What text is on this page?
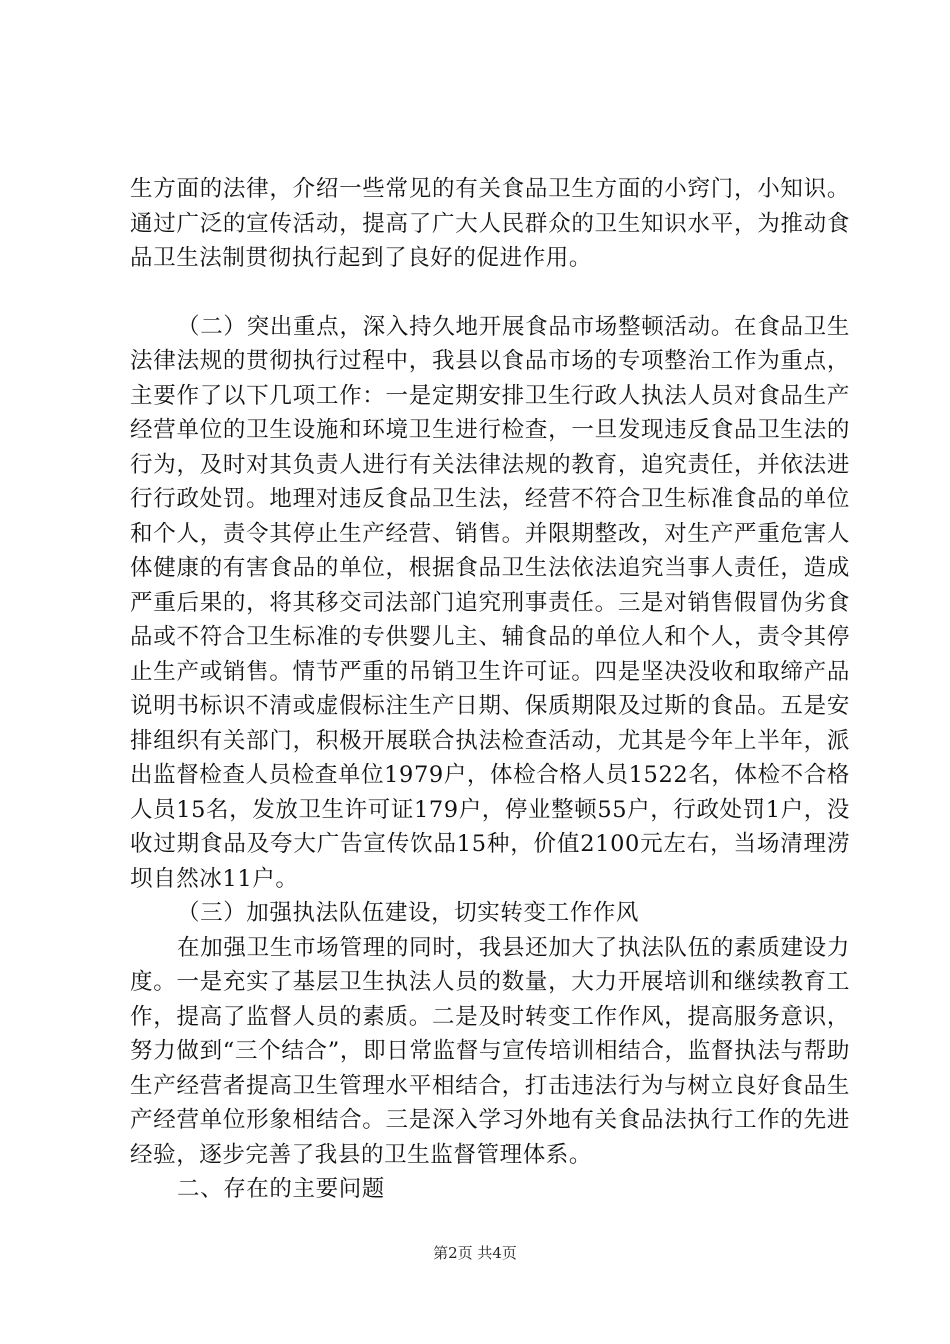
生方面的法律，介绍一些常见的有关食品卫生方面的小窍门，小知识。通过广泛的宣传活动，提高了广大人民群众的卫生知识水平，为推动食品卫生法制贯彻执行起到了良好的促进作用。

（二）突出重点，深入持久地开展食品市场整顿活动。在食品卫生法律法规的贯彻执行过程中，我县以食品市场的专项整治工作为重点，主要作了以下几项工作：一是定期安排卫生行政人执法人员对食品生产经营单位的卫生设施和环境卫生进行检查，一旦发现违反食品卫生法的行为，及时对其负责人进行有关法律法规的教育，追究责任，并依法进行行政处罚。地理对违反食品卫生法，经营不符合卫生标准食品的单位和个人，责令其停止生产经营、销售。并限期整改，对生产严重危害人体健康的有害食品的单位，根据食品卫生法依法追究当事人责任，造成严重后果的，将其移交司法部门追究刑事责任。三是对销售假冒伪劣食品或不符合卫生标准的专供婴儿主、辅食品的单位人和个人，责令其停止生产或销售。情节严重的吊销卫生许可证。四是坚决没收和取缔产品说明书标识不清或虚假标注生产日期、保质期限及过斯的食品。五是安排组织有关部门，积极开展联合执法检查活动，尤其是今年上半年，派出监督检查人员检查单位1979户，体检合格人员1522名，体检不合格人员15名，发放卫生许可证179户，停业整顿55户，行政处罚1户，没收过期食品及夸大广告宣传饮品15种，价值2100元左右，当场清理涝坝自然冰11户。

（三）加强执法队伍建设，切实转变工作作风

在加强卫生市场管理的同时，我县还加大了执法队伍的素质建设力度。一是充实了基层卫生执法人员的数量，大力开展培训和继续教育工作，提高了监督人员的素质。二是及时转变工作作风，提高服务意识，努力做到“三个结合”，即日常监督与宣传培训相结合，监督执法与帮助生产经营者提高卫生管理水平相结合，打击违法行为与树立良好食品生产经营单位形象相结合。三是深入学习外地有关食品法执行工作的先进经验，逐步完善了我县的卫生监督管理体系。

二、存在的主要问题

第2页 共4页
